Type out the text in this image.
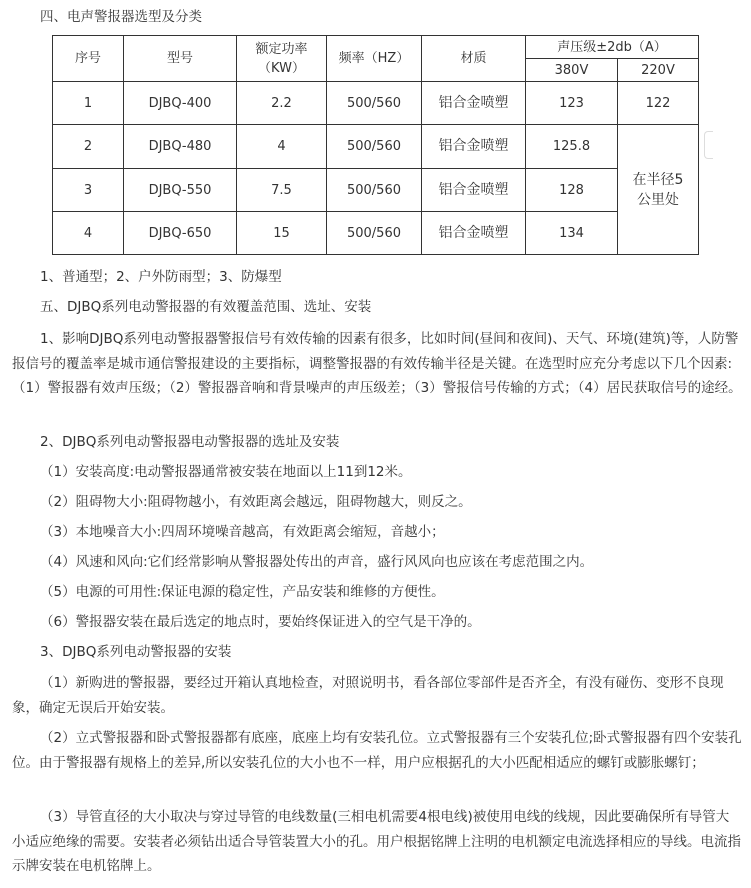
四、电声警报器选型及分类
序号	型号	额定功率（KW）	频率（HZ）	材质	声压级±2db（A）	
					380V	220V
1	DJBQ-400	2.2	500/560	铝合金喷塑	123	122
2	DJBQ-480	4	500/560	铝合金喷塑	125.8	在半径5公里处
3	DJBQ-550	7.5	500/560	铝合金喷塑	128	
4	DJBQ-650	15	500/560	铝合金喷塑	134	
1、普通型；2、户外防雨型；3、防爆型
五、DJBQ系列电动警报器的有效覆盖范围、选址、安装

1、影响DJBQ系列电动警报器警报信号有效传输的因素有很多，比如时间(昼间和夜间)、天气、环境(建筑)等，人防警报信号的覆盖率是城市通信警报建设的主要指标，调整警报器的有效传输半径是关键。在选型时应充分考虑以下几个因素:（1）警报器有效声压级；（2）警报器音响和背景噪声的声压级差；（3）警报信号传输的方式；（4）居民获取信号的途经。

2、DJBQ系列电动警报器电动警报器的选址及安装
（1）安装高度:电动警报器通常被安装在地面以上11到12米。
（2）阻碍物大小:阻碍物越小，有效距离会越远，阻碍物越大，则反之。
（3）本地噪音大小:四周环境噪音越高，有效距离会缩短，音越小；
（4）风速和风向:它们经常影响从警报器处传出的声音，盛行风风向也应该在考虑范围之内。
（5）电源的可用性:保证电源的稳定性，产品安装和维修的方便性。
（6）警报器安装在最后选定的地点时，要始终保证进入的空气是干净的。
3、DJBQ系列电动警报器的安装

（1）新购进的警报器，要经过开箱认真地检查，对照说明书，看各部位零部件是否齐全，有没有碰伤、变形不良现象，确定无误后开始安装。

（2）立式警报器和卧式警报器都有底座，底座上均有安装孔位。立式警报器有三个安装孔位;卧式警报器有四个安装孔位。由于警报器有规格上的差异,所以安装孔位的大小也不一样，用户应根据孔的大小匹配相适应的螺钉或膨胀螺钉；

（3）导管直径的大小取决与穿过导管的电线数量(三相电机需要4根电线)被使用电线的线规，因此要确保所有导管大小适应绝缘的需要。安装者必须钻出适合导管装置大小的孔。用户根据铭牌上注明的电机额定电流选择相应的导线。电流指示牌安装在电机铭牌上。
